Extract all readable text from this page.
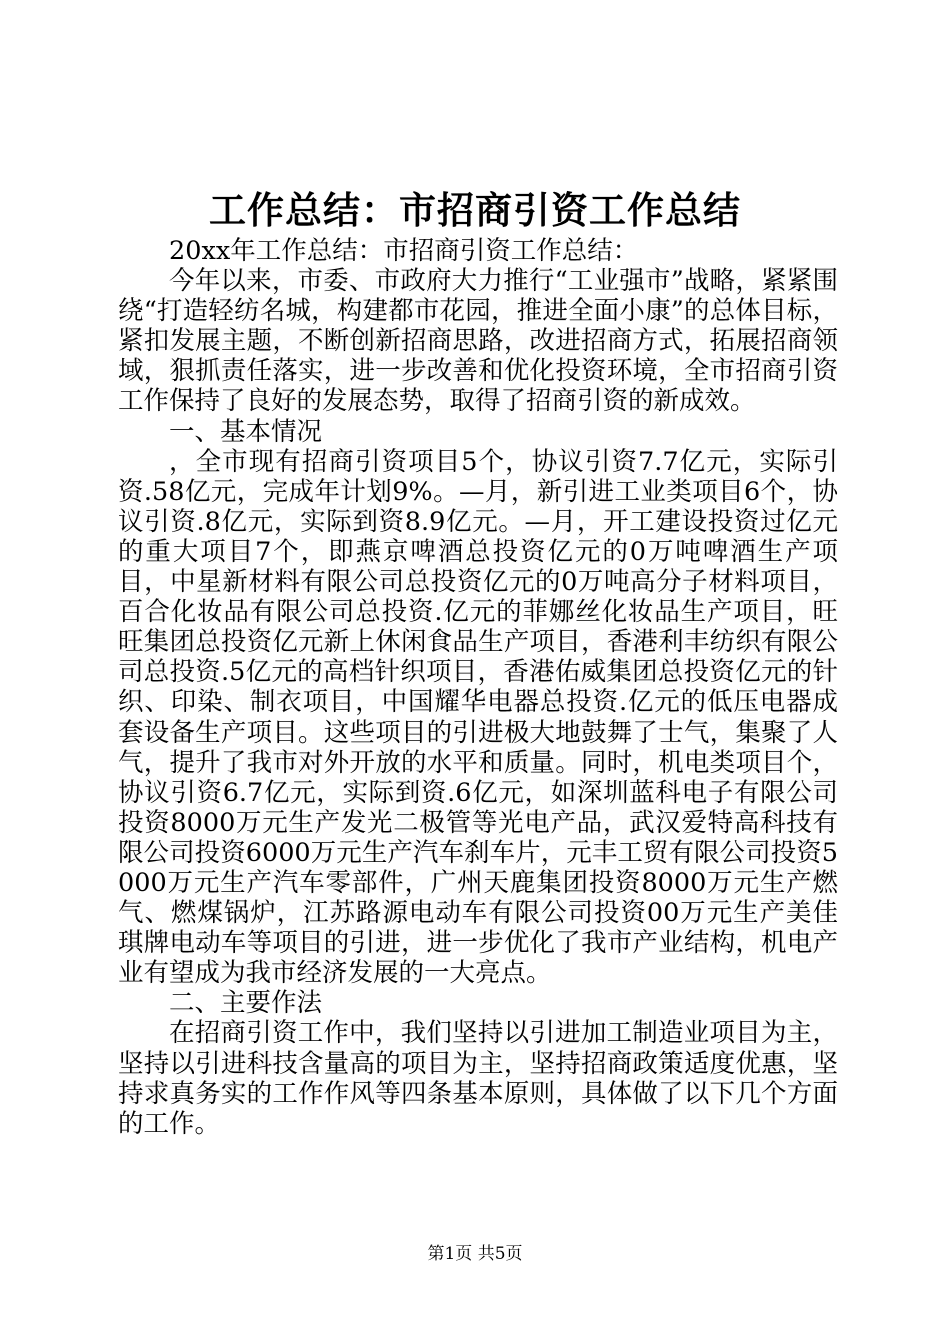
工作总结：市招商引资工作总结

20xx年工作总结：市招商引资工作总结：

今年以来，市委、市政府大力推行“工业强市”战略，紧紧围绕“打造轻纺名城，构建都市花园，推进全面小康”的总体目标，紧扣发展主题，不断创新招商思路，改进招商方式，拓展招商领域，狠抓责任落实，进一步改善和优化投资环境，全市招商引资工作保持了良好的发展态势，取得了招商引资的新成效。

一、基本情况

，全市现有招商引资项目5个，协议引资7.7亿元，实际引资.58亿元，完成年计划9%。—月，新引进工业类项目6个，协议引资.8亿元，实际到资8.9亿元。—月，开工建设投资过亿元的重大项目7个，即燕京啤酒总投资亿元的0万吨啤酒生产项目，中星新材料有限公司总投资亿元的0万吨高分子材料项目，百合化妆品有限公司总投资.亿元的菲娜丝化妆品生产项目，旺旺集团总投资亿元新上休闲食品生产项目，香港利丰纺织有限公司总投资.5亿元的高档针织项目，香港佑威集团总投资亿元的针织、印染、制衣项目，中国耀华电器总投资.亿元的低压电器成套设备生产项目。这些项目的引进极大地鼓舞了士气，集聚了人气，提升了我市对外开放的水平和质量。同时，机电类项目个，协议引资6.7亿元，实际到资.6亿元，如深圳蓝科电子有限公司投资8000万元生产发光二极管等光电产品，武汉爱特高科技有限公司投资6000万元生产汽车刹车片，元丰工贸有限公司投资5000万元生产汽车零部件，广州天鹿集团投资8000万元生产燃气、燃煤锅炉，江苏路源电动车有限公司投资00万元生产美佳琪牌电动车等项目的引进，进一步优化了我市产业结构，机电产业有望成为我市经济发展的一大亮点。

二、主要作法

在招商引资工作中，我们坚持以引进加工制造业项目为主，坚持以引进科技含量高的项目为主，坚持招商政策适度优惠，坚持求真务实的工作作风等四条基本原则，具体做了以下几个方面的工作。

第1页 共5页
